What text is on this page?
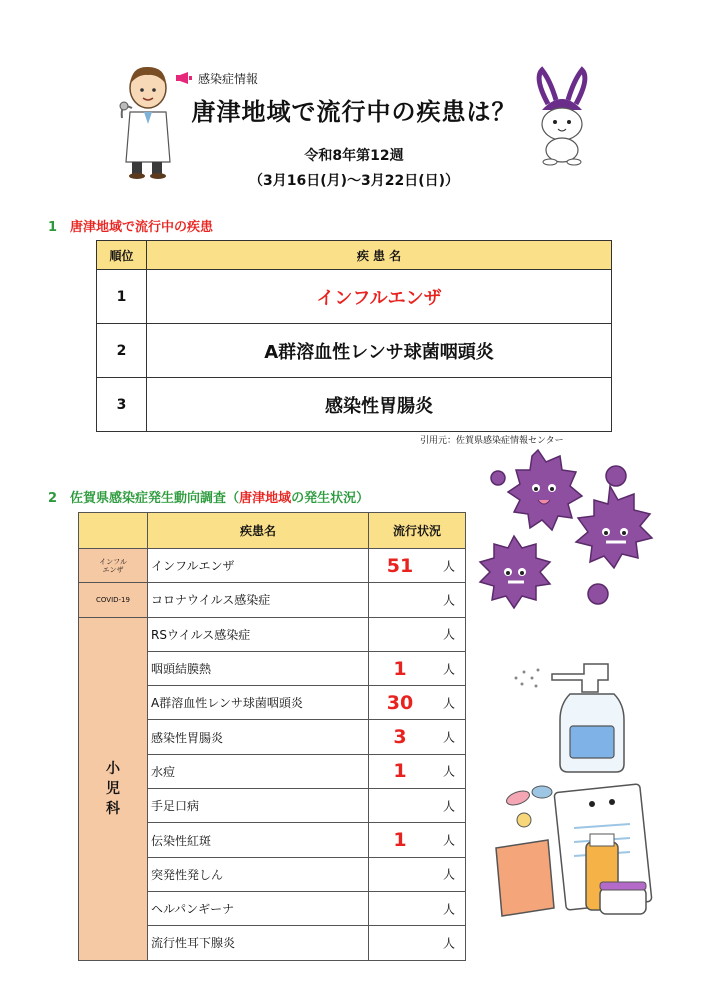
感染症情報
唐津地域で流行中の疾患は？
令和8年第12週
（3月16日(月)～3月22日(日)）
1　唐津地域で流行中の疾患
順位	疾 患 名
1	インフルエンザ
2	A群溶血性レンサ球菌咽頭炎
3	感染性胃腸炎
引用元：佐賀県感染症情報センター
2　佐賀県感染症発生動向調査（唐津地域の発生状況）
	疾患名	流行状況
インフル
エンザ	インフルエンザ	51 人

COVID-19	コロナウイルス感染症	人

小
児
科	RSウイルス感染症	人

	咽頭結膜熱	1 人

	A群溶血性レンサ球菌咽頭炎	30 人

	感染性胃腸炎	3 人

	水痘	1 人

	手足口病	人

	伝染性紅斑	1 人

	突発性発しん	人

	ヘルパンギーナ	人

	流行性耳下腺炎	人
